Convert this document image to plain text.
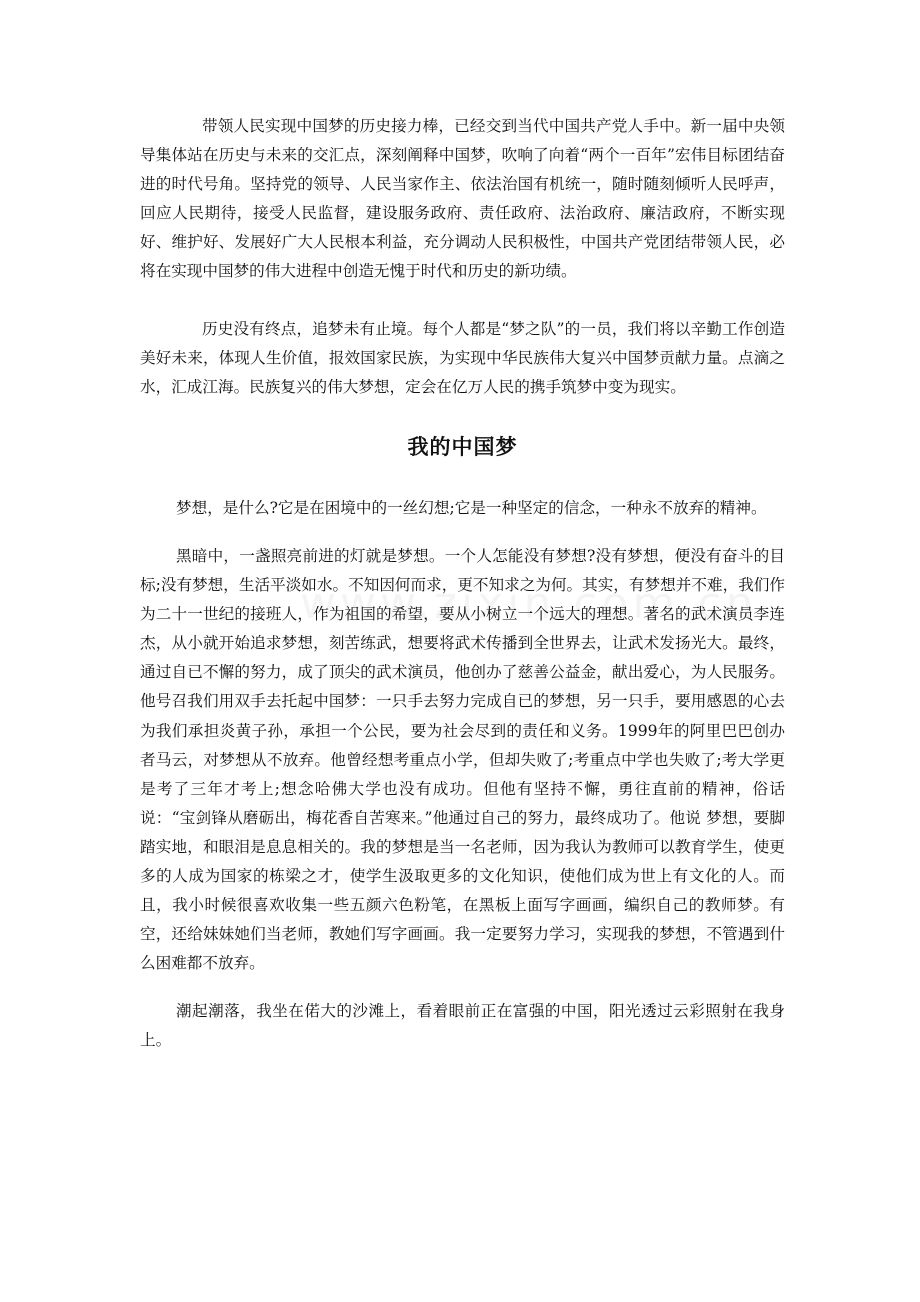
带领人民实现中国梦的历史接力棒，已经交到当代中国共产党人手中。新一届中央领导集体站在历史与未来的交汇点，深刻阐释中国梦，吹响了向着“两个一百年”宏伟目标团结奋进的时代号角。坚持党的领导、人民当家作主、依法治国有机统一，随时随刻倾听人民呼声，回应人民期待，接受人民监督，建设服务政府、责任政府、法治政府、廉洁政府，不断实现好、维护好、发展好广大人民根本利益，充分调动人民积极性，中国共产党团结带领人民，必将在实现中国梦的伟大进程中创造无愧于时代和历史的新功绩。

历史没有终点，追梦未有止境。每个人都是“梦之队”的一员，我们将以辛勤工作创造美好未来，体现人生价值，报效国家民族，为实现中华民族伟大复兴中国梦贡献力量。点滴之水，汇成江海。民族复兴的伟大梦想，定会在亿万人民的携手筑梦中变为现实。

我的中国梦

梦想，是什么?它是在困境中的一丝幻想;它是一种坚定的信念，一种永不放弃的精神。

黑暗中，一盏照亮前进的灯就是梦想。一个人怎能没有梦想?没有梦想，便没有奋斗的目标;没有梦想，生活平淡如水。不知因何而求，更不知求之为何。其实，有梦想并不难，我们作为二十一世纪的接班人，作为祖国的希望，要从小树立一个远大的理想。著名的武术演员李连杰，从小就开始追求梦想，刻苦练武，想要将武术传播到全世界去，让武术发扬光大。最终，通过自已不懈的努力，成了顶尖的武术演员，他创办了慈善公益金，献出爱心，为人民服务。他号召我们用双手去托起中国梦：一只手去努力完成自已的梦想，另一只手，要用感恩的心去为我们承担炎黄子孙，承担一个公民，要为社会尽到的责任和义务。1999年的阿里巴巴创办者马云，对梦想从不放弃。他曾经想考重点小学，但却失败了;考重点中学也失败了;考大学更是考了三年才考上;想念哈佛大学也没有成功。但他有坚持不懈，勇往直前的精神，俗话说：“宝剑锋从磨砺出，梅花香自苦寒来。”他通过自己的努力，最终成功了。他说 梦想，要脚踏实地，和眼泪是息息相关的。我的梦想是当一名老师，因为我认为教师可以教育学生，使更多的人成为国家的栋梁之才，使学生汲取更多的文化知识，使他们成为世上有文化的人。而且，我小时候很喜欢收集一些五颜六色粉笔，在黑板上面写字画画，编织自己的教师梦。有空，还给妹妹她们当老师，教她们写字画画。我一定要努力学习，实现我的梦想，不管遇到什么困难都不放弃。

潮起潮落，我坐在偌大的沙滩上，看着眼前正在富强的中国，阳光透过云彩照射在我身上。
